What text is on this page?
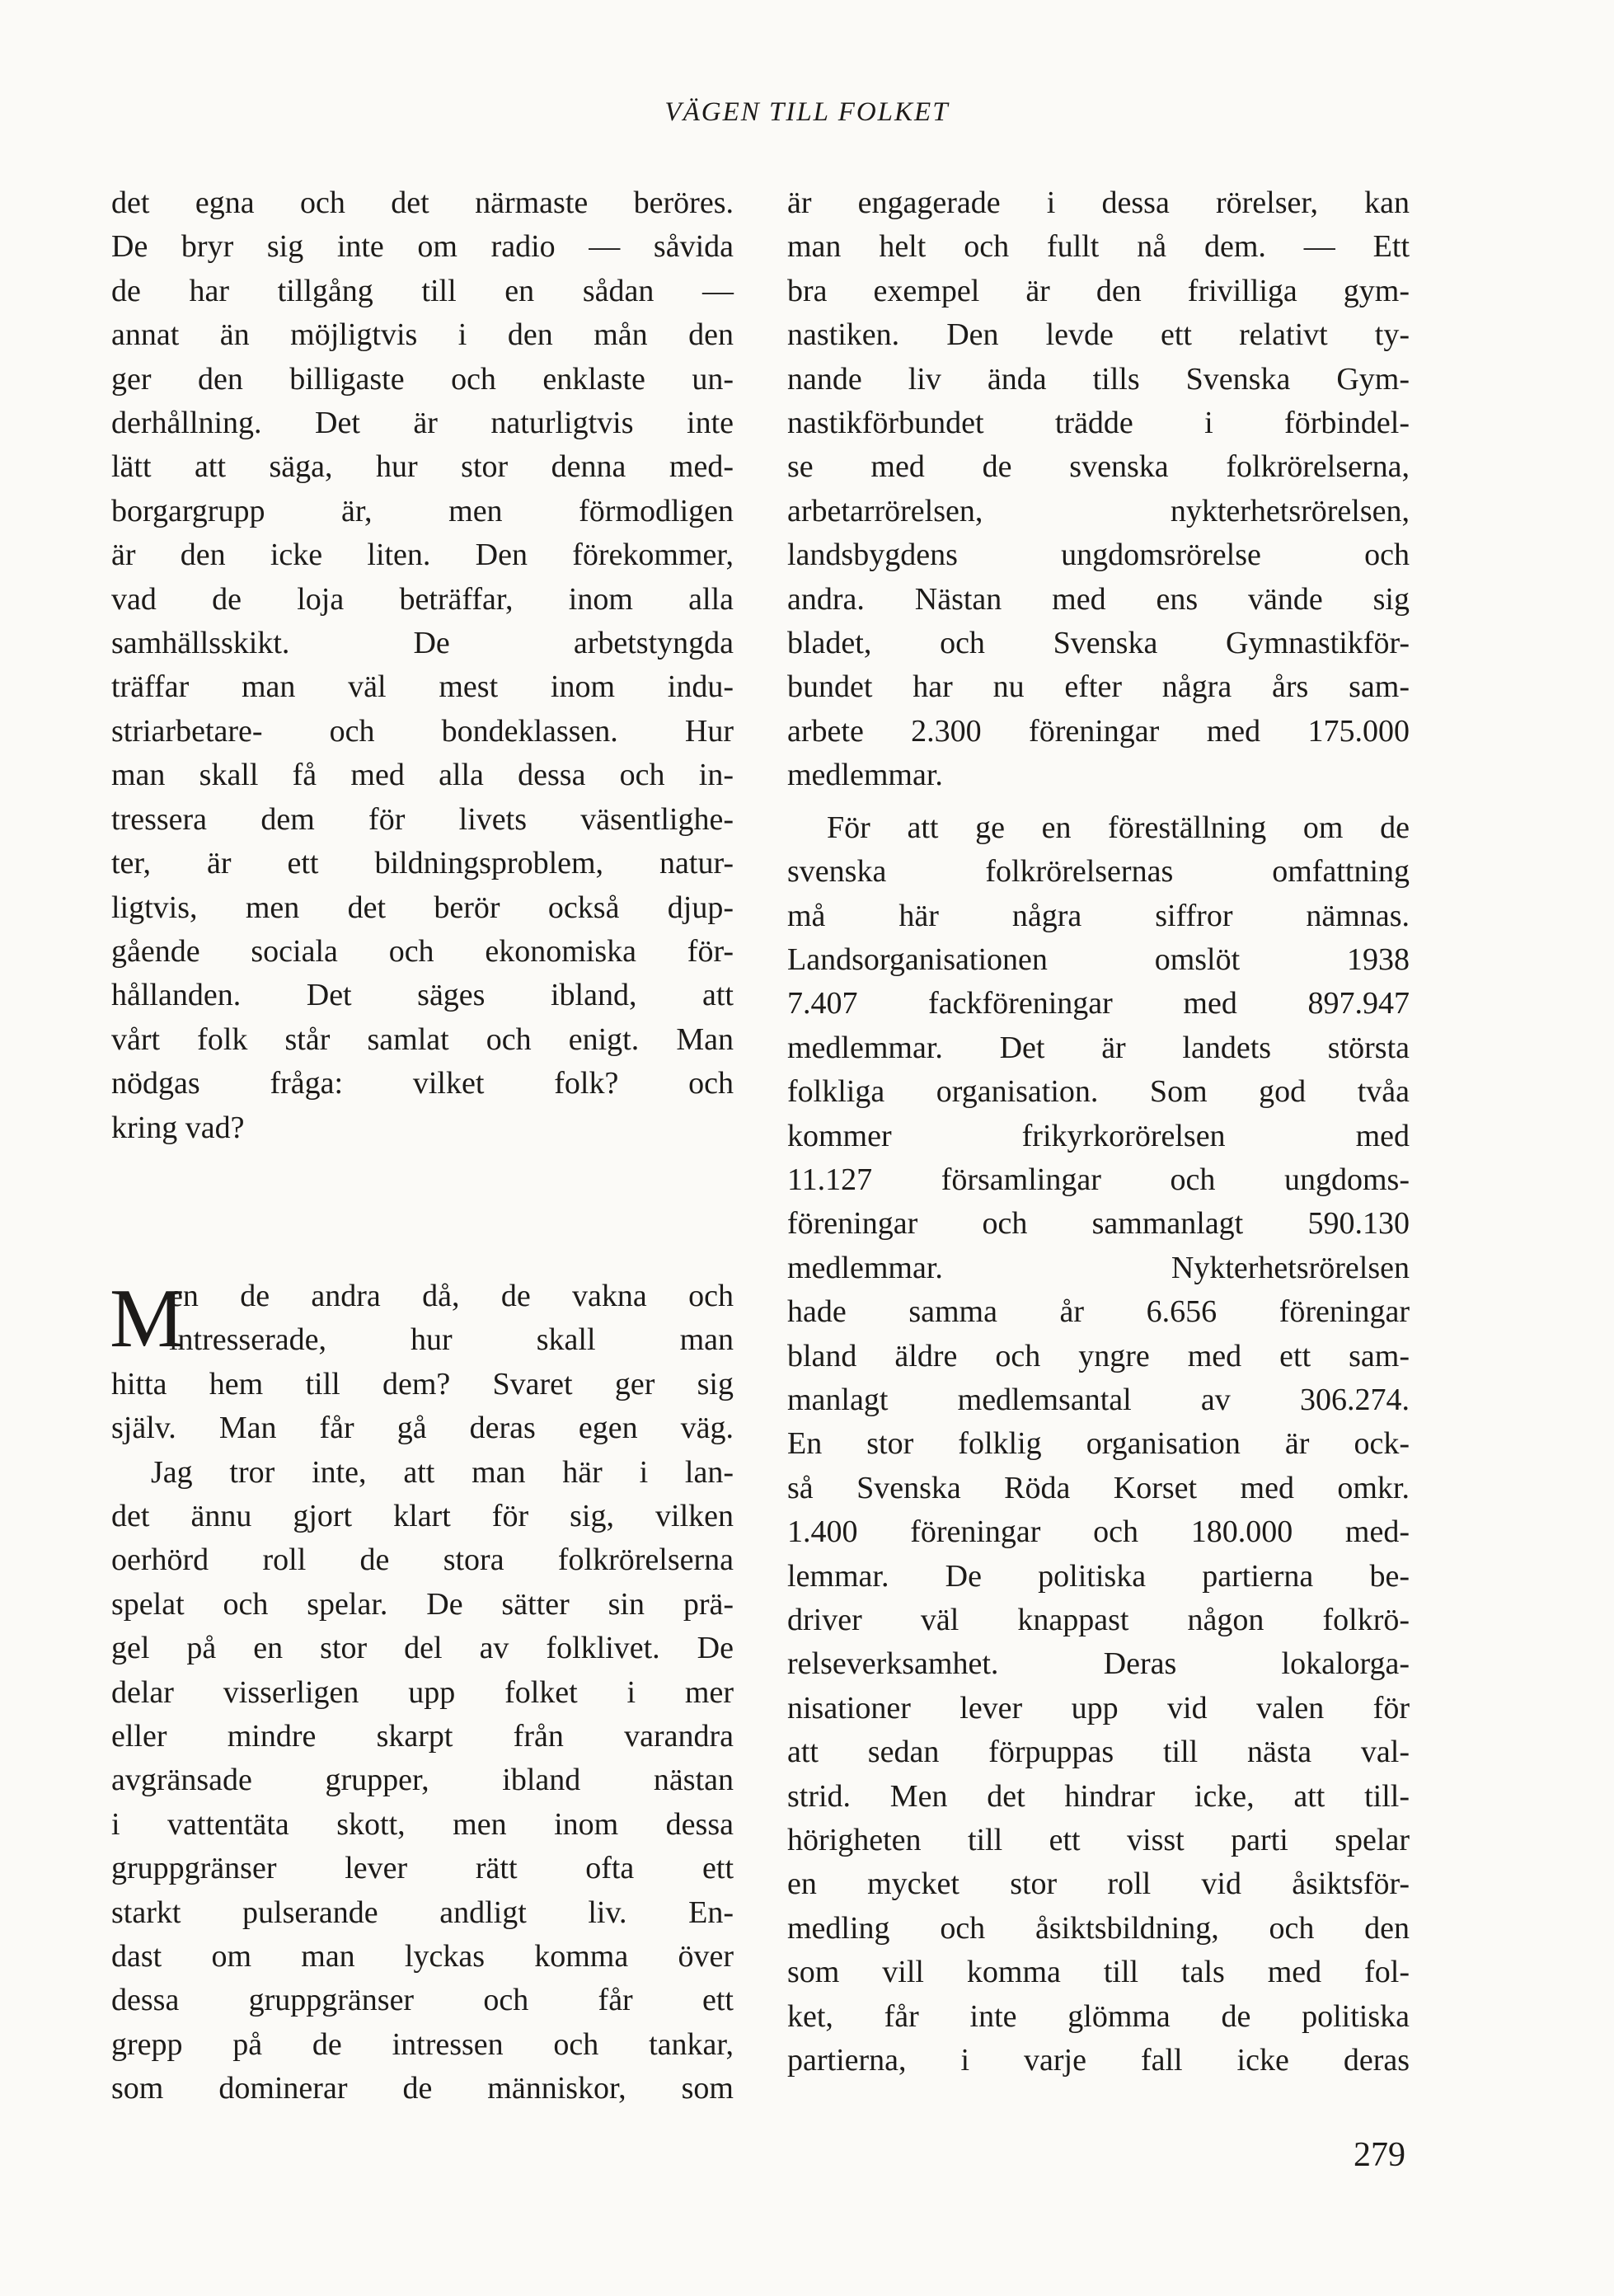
VÄGEN TILL FOLKET

det egna och det närmaste beröres.

De bryr sig inte om radio — såvida

de har tillgång till en sådan —

annat än möjligtvis i den mån den

ger den billigaste och enklaste un-

derhållning. Det är naturligtvis inte

lätt att säga, hur stor denna med-

borgargrupp är, men förmodligen

är den icke liten. Den förekommer,

vad de loja beträffar, inom alla

samhällsskikt. De arbetstyngda

träffar man väl mest inom indu-

striarbetare- och bondeklassen. Hur

man skall få med alla dessa och in-

tressera dem för livets väsentlighe-

ter, är ett bildningsproblem, natur-

ligtvis, men det berör också djup-

gående sociala och ekonomiska för-

hållanden. Det säges ibland, att

vårt folk står samlat och enigt. Man

nödgas fråga: vilket folk? och

kring vad?

M
en de andra då, de vakna och

intresserade, hur skall man

hitta hem till dem? Svaret ger sig

själv. Man får gå deras egen väg.

Jag tror inte, att man här i lan-

det ännu gjort klart för sig, vilken

oerhörd roll de stora folkrörelserna

spelat och spelar. De sätter sin prä-

gel på en stor del av folklivet. De

delar visserligen upp folket i mer

eller mindre skarpt från varandra

avgränsade grupper, ibland nästan

i vattentäta skott, men inom dessa

gruppgränser lever rätt ofta ett

starkt pulserande andligt liv. En-

dast om man lyckas komma över

dessa gruppgränser och får ett

grepp på de intressen och tankar,

som dominerar de människor, som

är engagerade i dessa rörelser, kan

man helt och fullt nå dem. — Ett

bra exempel är den frivilliga gym-

nastiken. Den levde ett relativt ty-

nande liv ända tills Svenska Gym-

nastikförbundet trädde i förbindel-

se med de svenska folkrörelserna,

arbetarrörelsen, nykterhetsrörelsen,

landsbygdens ungdomsrörelse och

andra. Nästan med ens vände sig

bladet, och Svenska Gymnastikför-

bundet har nu efter några års sam-

arbete 2.300 föreningar med 175.000

medlemmar.

För att ge en föreställning om de

svenska folkrörelsernas omfattning

må här några siffror nämnas.

Landsorganisationen omslöt 1938

7.407 fackföreningar med 897.947

medlemmar. Det är landets största

folkliga organisation. Som god tvåa

kommer frikyrkorörelsen med

11.127 församlingar och ungdoms-

föreningar och sammanlagt 590.130

medlemmar. Nykterhetsrörelsen

hade samma år 6.656 föreningar

bland äldre och yngre med ett sam-

manlagt medlemsantal av 306.274.

En stor folklig organisation är ock-

så Svenska Röda Korset med omkr.

1.400 föreningar och 180.000 med-

lemmar. De politiska partierna be-

driver väl knappast någon folkrö-

relseverksamhet. Deras lokalorga-

nisationer lever upp vid valen för

att sedan förpuppas till nästa val-

strid. Men det hindrar icke, att till-

hörigheten till ett visst parti spelar

en mycket stor roll vid åsiktsför-

medling och åsiktsbildning, och den

som vill komma till tals med fol-

ket, får inte glömma de politiska

partierna, i varje fall icke deras

279
